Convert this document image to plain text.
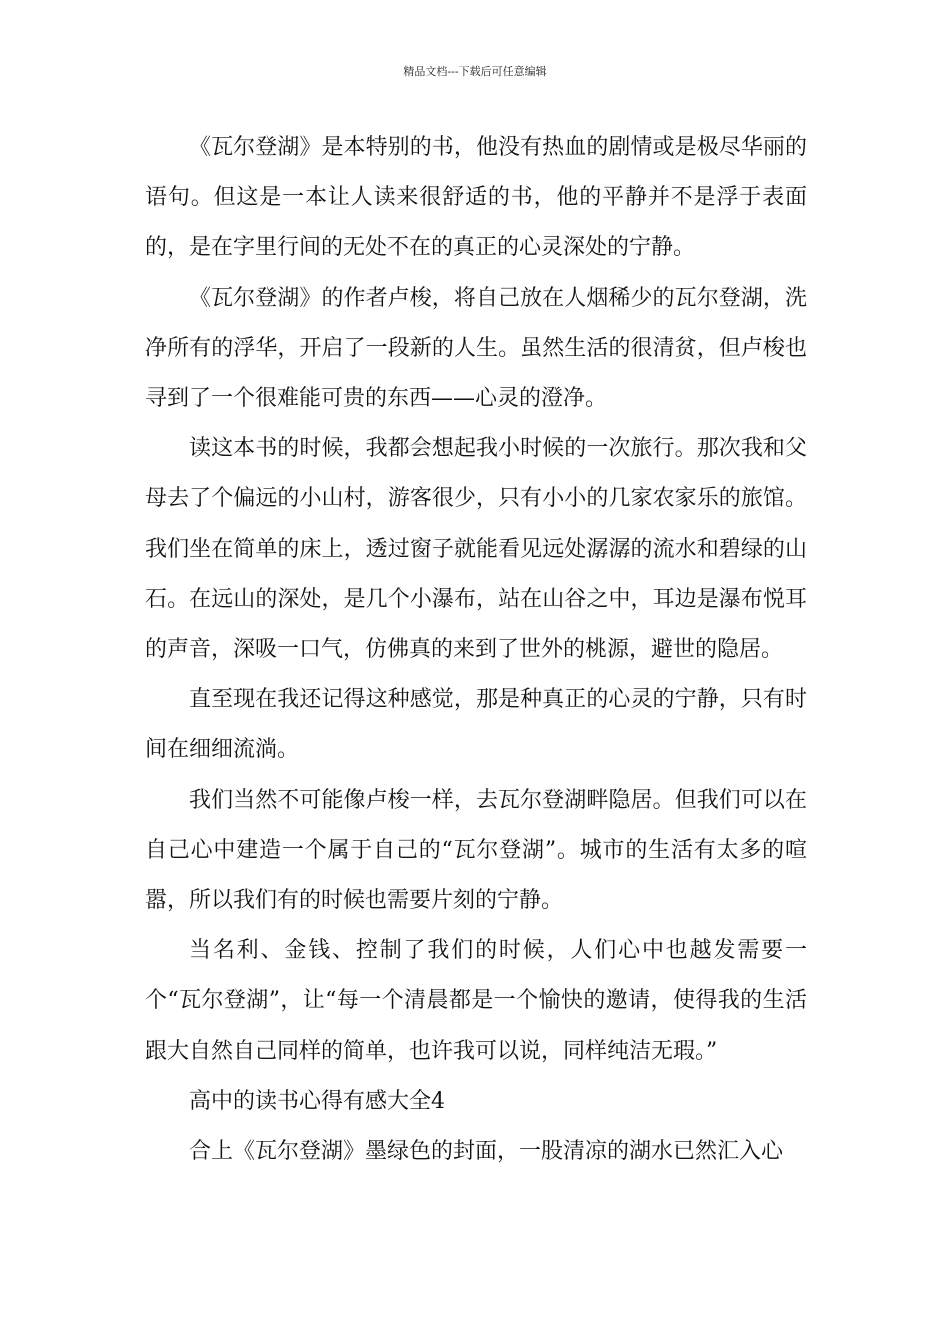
精品文档---下载后可任意编辑

《瓦尔登湖》是本特别的书，他没有热血的剧情或是极尽华丽的语句。但这是一本让人读来很舒适的书，他的平静并不是浮于表面的，是在字里行间的无处不在的真正的心灵深处的宁静。

《瓦尔登湖》的作者卢梭，将自己放在人烟稀少的瓦尔登湖，洗净所有的浮华，开启了一段新的人生。虽然生活的很清贫，但卢梭也寻到了一个很难能可贵的东西——心灵的澄净。

读这本书的时候，我都会想起我小时候的一次旅行。那次我和父母去了个偏远的小山村，游客很少，只有小小的几家农家乐的旅馆。我们坐在简单的床上，透过窗子就能看见远处潺潺的流水和碧绿的山石。在远山的深处，是几个小瀑布，站在山谷之中，耳边是瀑布悦耳的声音，深吸一口气，仿佛真的来到了世外的桃源，避世的隐居。

直至现在我还记得这种感觉，那是种真正的心灵的宁静，只有时间在细细流淌。

我们当然不可能像卢梭一样，去瓦尔登湖畔隐居。但我们可以在自己心中建造一个属于自己的“瓦尔登湖”。城市的生活有太多的喧嚣，所以我们有的时候也需要片刻的宁静。

当名利、金钱、控制了我们的时候，人们心中也越发需要一个“瓦尔登湖”，让“每一个清晨都是一个愉快的邀请，使得我的生活跟大自然自己同样的简单，也许我可以说，同样纯洁无瑕。”

高中的读书心得有感大全4

合上《瓦尔登湖》墨绿色的封面，一股清凉的湖水已然汇入心
